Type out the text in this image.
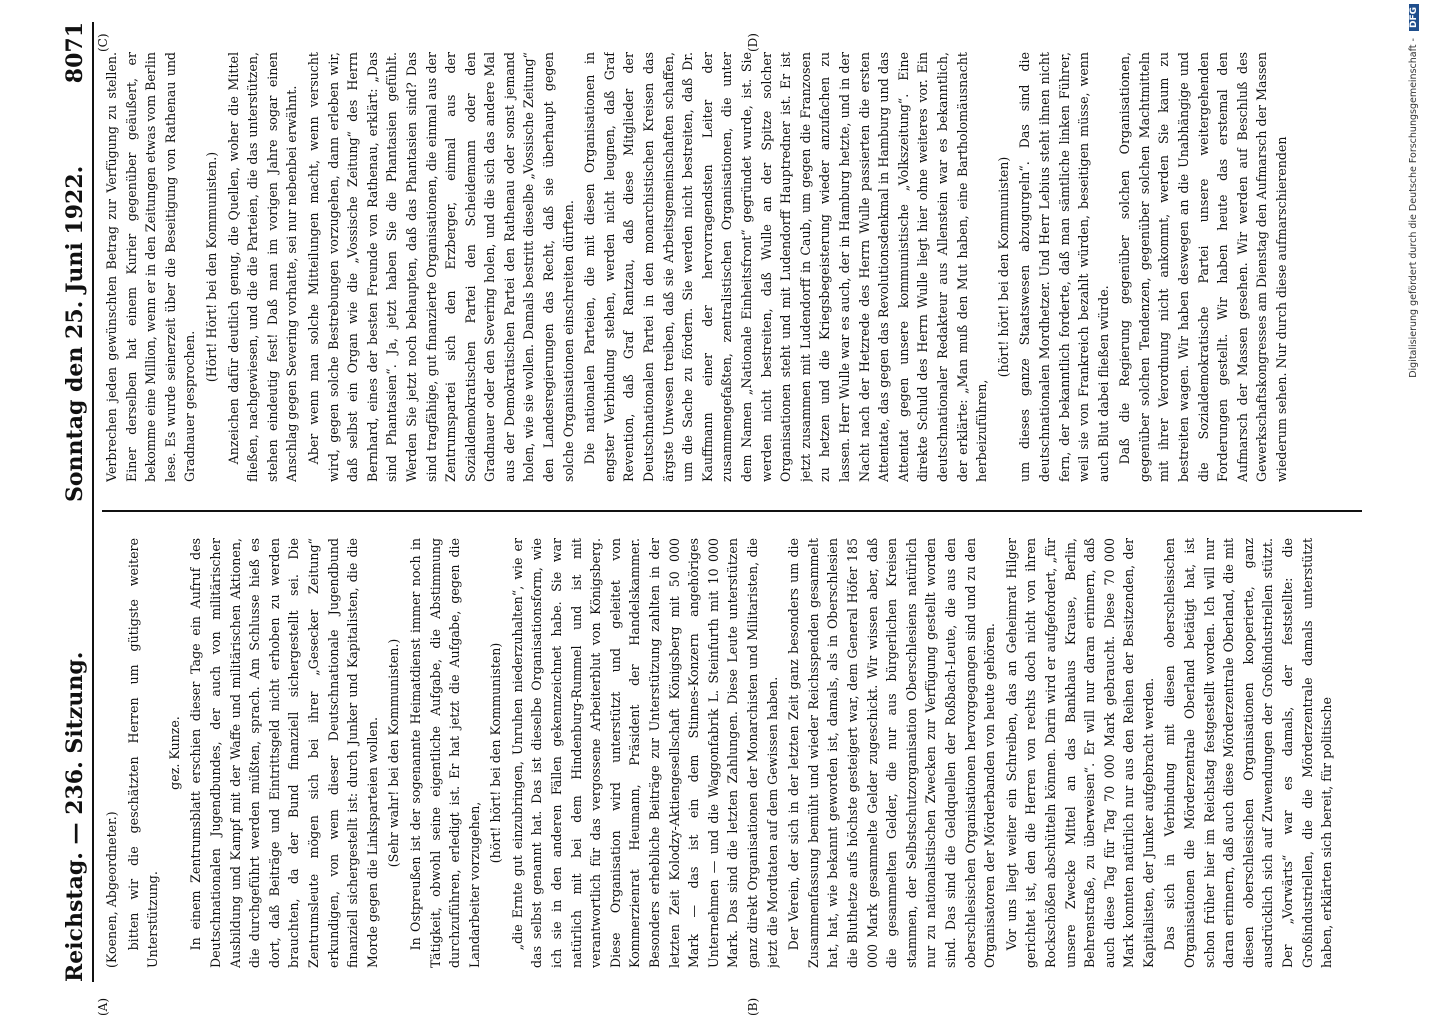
Reichstag. — 236. Sitzung.
Sonntag den 25. Juni 1922.
8071
(A)	(B)
(C)	(D)

(Koenen, Abgeordneter.) bitten wir die geschätzten Herren um gütigste weitere Unterstützung.

gez. Kunze. In einem Zentrumsblatt erschien dieser Tage ein Aufruf des Deutschnationalen Jugendbundes, der auch von militärischer Ausbildung und Kampf mit der Waffe und militärischen Aktionen, die durchgeführt werden müßten, sprach. Am Schlusse hieß es dort, daß Beiträge und Eintrittsgeld nicht erhoben zu werden brauchten, da der Bund finanziell sichergestellt sei. Die Zentrumsleute mögen sich bei ihrer „Gesecker Zeitung“ erkundigen, von wem dieser Deutschnationale Jugendbund finanziell sichergestellt ist: durch Junker und Kapitalisten, die die Morde gegen die Linksparteien wollen. (Sehr wahr! bei den Kommunisten.) In Ostpreußen ist der sogenannte Heimatdienst immer noch in Tätigkeit, obwohl seine eigentliche Aufgabe, die Abstimmung durchzuführen, erledigt ist. Er hat jetzt die Aufgabe, gegen die Landarbeiter vorzugehen,

(hört! hört! bei den Kommunisten) „die Ernte gut einzubringen, Unruhen niederzuhalten“, wie er das selbst genannt hat. Das ist dieselbe Organisationsform, wie ich sie in den anderen Fällen gekennzeichnet habe. Sie war natürlich mit bei dem Hindenburg-Rummel und ist mit verantwortlich für das vergossene Arbeiterblut von Königsberg. Diese Organisation wird unterstützt und geleitet von Kommerzienrat Heumann, Präsident der Handelskammer. Besonders erhebliche Beiträge zur Unterstützung zahlten in der letzten Zeit Kolodzy-Aktiengesellschaft Königsberg mit 50 000 Mark — das ist ein dem Stinnes-Konzern angehöriges Unternehmen — und die Waggonfabrik L. Steinfurth mit 10 000 Mark. Das sind die letzten Zahlungen. Diese Leute unterstützen ganz direkt Organisationen der Monarchisten und Militaristen, die jetzt die Mordtaten auf dem Gewissen haben. Der Verein, der sich in der letzten Zeit ganz besonders um die Zusammenfassung bemüht und wieder Reichsspenden gesammelt hat, hat, wie bekannt geworden ist, damals, als in Oberschlesien die Bluthetze aufs höchste gesteigert war, dem General Höfer 185 000 Mark gesammelte Gelder zugeschickt. Wir wissen aber, daß die gesammelten Gelder, die nur aus bürgerlichen Kreisen stammen, der Selbstschutzorganisation Oberschlesiens natürlich nur zu nationalistischen Zwecken zur Verfügung gestellt worden sind. Das sind die Geldquellen der Roßbach-Leute, die aus den oberschlesischen Organisationen hervorgegangen sind und zu den Organisatoren der Mörderbanden von heute gehören. Vor uns liegt weiter ein Schreiben, das an Geheimrat Hilger gerichtet ist, den die Herren von rechts doch nicht von ihren Rockschößen abschütteln können. Darin wird er aufgefordert, „für unsere Zwecke Mittel an das Bankhaus Krause, Berlin, Behrenstraße, zu überweisen“. Er will nur daran erinnern, daß auch diese Tag für Tag 70 000 Mark gebraucht. Diese 70 000 Mark konnten natürlich nur aus den Reihen der Besitzenden, der Kapitalisten, der Junker aufgebracht werden. Das sich in Verbindung mit diesen oberschlesischen Organisationen die Mörderzentrale Oberland betätigt hat, ist schon früher hier im Reichstag festgestellt worden. Ich will nur daran erinnern, daß auch diese Mörderzentrale Oberland, die mit diesen oberschlesischen Organisationen kooperierte, ganz ausdrücklich sich auf Zuwendungen der Großindustriellen stützt. Der „Vorwärts“ war es damals, der feststellte: die Großindustriellen, die die Mörderzentrale damals unterstützt haben, erklärten sich bereit, für politische

Verbrechen jeden gewünschten Betrag zur Verfügung zu stellen. Einer derselben hat einem Kurier gegenüber geäußert, er bekomme eine Million, wenn er in den Zeitungen etwas vom Berlin lese. Es wurde seinerzeit über die Beseitigung von Rathenau und Gradnauer gesprochen.

(Hört! Hört! bei den Kommunisten.) Anzeichen dafür deutlich genug, die Quellen, woher die Mittel fließen, nachgewiesen, und die die Parteien, die das unterstützen, stehen eindeutig fest! Daß man im vorigen Jahre sogar einen Anschlag gegen Severing vorhatte, sei nur nebenbei erwähnt. Aber wenn man solche Mitteilungen macht, wenn versucht wird, gegen solche Bestrebungen vorzugehen, dann erleben wir, daß selbst ein Organ wie die „Vossische Zeitung“ des Herrn Bernhard, eines der besten Freunde von Rathenau, erklärt: „Das sind Phantasien“. Ja, jetzt haben Sie die Phantasien gefühlt. Werden Sie jetzt noch behaupten, daß das Phantasien sind? Das sind tragfähige, gut finanzierte Organisationen, die einmal aus der Zentrumspartei sich den Erzberger, einmal aus der Sozialdemokratischen Partei den Scheidemann oder den Gradnauer oder den Severing holen, und die sich das andere Mal aus der Demokratischen Partei den Rathenau oder sonst jemand holen, wie sie wollen. Damals bestritt dieselbe „Vossische Zeitung“ den Landesregierungen das Recht, daß sie überhaupt gegen solche Organisationen einschreiten dürften. Die nationalen Parteien, die mit diesen Organisationen in engster Verbindung stehen, werden nicht leugnen, daß Graf Revention, daß Graf Rantzau, daß diese Mitglieder der Deutschnationalen Partei in den monarchistischen Kreisen das ärgste Unwesen treiben, daß sie Arbeitsgemeinschaften schaffen, um die Sache zu fördern. Sie werden nicht bestreiten, daß Dr. Kauffmann einer der hervorragendsten Leiter der zusammengefaßten, zentralistischen Organisationen, die unter dem Namen „Nationale Einheitsfront“ gegründet wurde, ist. Sie werden nicht bestreiten, daß Wulle an der Spitze solcher Organisationen steht und mit Ludendorff Hauptredner ist. Er ist jetzt zusammen mit Ludendorff in Caub, um gegen die Franzosen zu hetzen und die Kriegsbegeisterung wieder anzufachen zu lassen. Herr Wulle war es auch, der in Hamburg hetzte, und in der Nacht nach der Hetzrede des Herrn Wulle passierten die ersten Attentate, das gegen das Revolutionsdenkmal in Hamburg und das Attentat gegen unsere kommunistische „Volkszeitung“. Eine direkte Schuld des Herrn Wulle liegt hier ohne weiteres vor. Ein deutschnationaler Redakteur aus Allenstein war es bekanntlich, der erklärte: „Man muß den Mut haben, eine Bartholomäusnacht herbeizuführen,

(hört! hört! bei den Kommunisten) um dieses ganze Staatswesen abzugurgeln“. Das sind die deutschnationalen Mordhetzer. Und Herr Lebius steht ihnen nicht fern, der bekanntlich forderte, daß man sämtliche linken Führer, weil sie von Frankreich bezahlt würden, beseitigen müsse, wenn auch Blut dabei fließen würde. Daß die Regierung gegenüber solchen Organisationen, gegenüber solchen Tendenzen, gegenüber solchen Machtmitteln mit ihrer Verordnung nicht ankommt, werden Sie kaum zu bestreiten wagen. Wir haben deswegen an die Unabhängige und die Sozialdemokratische Partei unsere weitergehenden Forderungen gestellt. Wir haben heute das erstemal den Aufmarsch der Massen gesehen. Wir werden auf Beschluß des Gewerkschaftskongresses am Dienstag den Aufmarsch der Massen wiederum sehen. Nur durch diese aufmarschierenden	Digitalisierung gefördert durch die Deutsche Forschungsgemeinschaft - DFG
